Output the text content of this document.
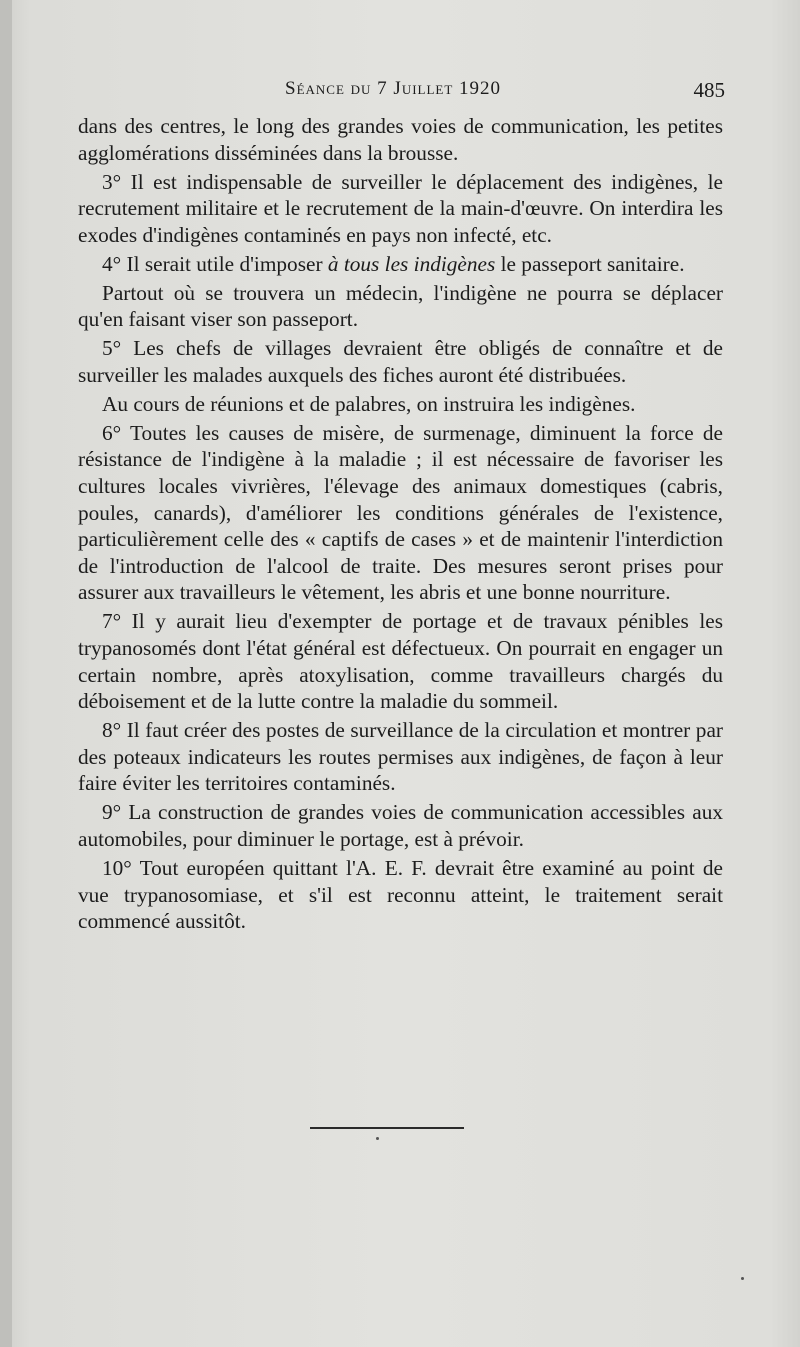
Séance du 7 Juillet 1920	485

dans des centres, le long des grandes voies de communication, les petites agglomérations disséminées dans la brousse.

3° Il est indispensable de surveiller le déplacement des indigènes, le recrutement militaire et le recrutement de la main-d'œuvre. On interdira les exodes d'indigènes contaminés en pays non infecté, etc.

4° Il serait utile d'imposer à tous les indigènes le passeport sanitaire.

Partout où se trouvera un médecin, l'indigène ne pourra se déplacer qu'en faisant viser son passeport.

5° Les chefs de villages devraient être obligés de connaître et de surveiller les malades auxquels des fiches auront été distribuées.

Au cours de réunions et de palabres, on instruira les indigènes.

6° Toutes les causes de misère, de surmenage, diminuent la force de résistance de l'indigène à la maladie ; il est nécessaire de favoriser les cultures locales vivrières, l'élevage des animaux domestiques (cabris, poules, canards), d'améliorer les conditions générales de l'existence, particulièrement celle des « captifs de cases » et de maintenir l'interdiction de l'introduction de l'alcool de traite. Des mesures seront prises pour assurer aux travailleurs le vêtement, les abris et une bonne nourriture.

7° Il y aurait lieu d'exempter de portage et de travaux pénibles les trypanosomés dont l'état général est défectueux. On pourrait en engager un certain nombre, après atoxylisation, comme travailleurs chargés du déboisement et de la lutte contre la maladie du sommeil.

8° Il faut créer des postes de surveillance de la circulation et montrer par des poteaux indicateurs les routes permises aux indigènes, de façon à leur faire éviter les territoires contaminés.

9° La construction de grandes voies de communication accessibles aux automobiles, pour diminuer le portage, est à prévoir.

10° Tout européen quittant l'A. E. F. devrait être examiné au point de vue trypanosomiase, et s'il est reconnu atteint, le traitement serait commencé aussitôt.
